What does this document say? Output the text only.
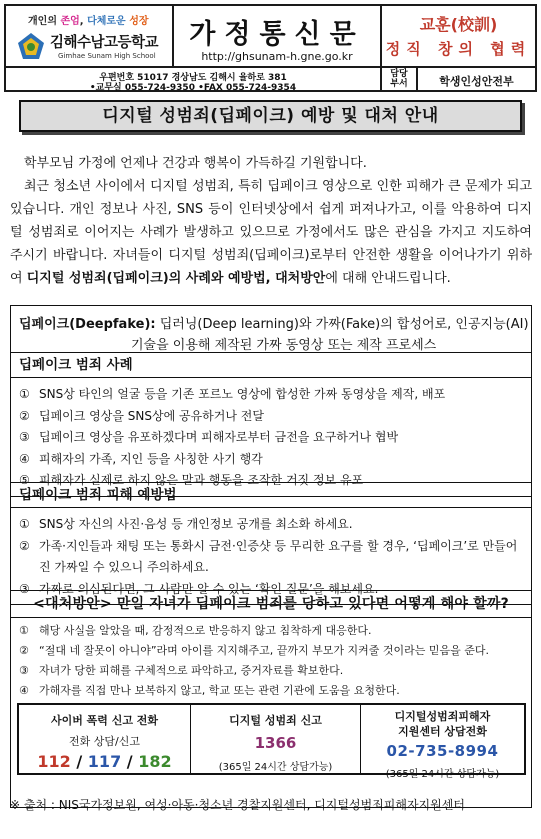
개인의 존엄, 다체로운 성장
김해수남고등학교
Gimhae Sunam High School
가정통신문
http://ghsunam-h.gne.go.kr
교훈(校訓)
정직 창의 협력
우편번호 51017 경상남도 김해시 율하로 381
•교무실 055-724-9350 •FAX 055-724-9354
담당
부서	학생인성안전부
디지털 성범죄(딥페이크) 예방 및 대처 안내

학부모님 가정에 언제나 건강과 행복이 가득하길 기원합니다.

최근 청소년 사이에서 디지털 성범죄, 특히 딥페이크 영상으로 인한 피해가 큰 문제가 되고 있습니다. 개인 정보나 사진, SNS 등이 인터넷상에서 쉽게 퍼져나가고, 이를 악용하여 디지털 성범죄로 이어지는 사례가 발생하고 있으므로 가정에서도 많은 관심을 가지고 지도하여 주시기 바랍니다. 자녀들이 디지털 성범죄(딥페이크)로부터 안전한 생활을 이어나가기 위하여 디지털 성범죄(딥페이크)의 사례와 예방법, 대처방안에 대해 안내드립니다.

딥페이크(Deepfake): 딥러닝(Deep learning)와 가짜(Fake)의 합성어로, 인공지능(AI)
기술을 이용해 제작된 가짜 동영상 또는 제작 프로세스
딥페이크 범죄 사례
① SNS상 타인의 얼굴 등을 기존 포르노 영상에 합성한 가짜 동영상을 제작, 배포
② 딥페이크 영상을 SNS상에 공유하거나 전달
③ 딥페이크 영상을 유포하겠다며 피해자로부터 금전을 요구하거나 협박
④ 피해자의 가족, 지인 등을 사칭한 사기 행각
⑤ 피해자가 실제로 하지 않은 말과 행동을 조작한 거짓 정보 유포
딥페이크 범죄 피해 예방법
① SNS상 자신의 사진·음성 등 개인정보 공개를 최소화 하세요.
② 가족·지인들과 채팅 또는 통화시 금전·인증샷 등 무리한 요구를 할 경우, ‘딥페이크’로 만들어진 가짜일 수 있으니 주의하세요.
③ 가짜로 의심된다면, 그 사람만 알 수 있는 ‘확인 질문’을 해보세요.
<대처방안> 만일 자녀가 딥페이크 범죄를 당하고 있다면 어떻게 해야 할까?
① 해당 사실을 알았을 때, 감정적으로 반응하지 않고 침착하게 대응한다.
② “절대 네 잘못이 아니야”라며 아이를 지지해주고, 끝까지 부모가 지켜줄 것이라는 믿음을 준다.
③ 자녀가 당한 피해를 구체적으로 파악하고, 증거자료를 확보한다.
④ 가해자를 직접 만나 보복하지 않고, 학교 또는 관련 기관에 도움을 요청한다.
사이버 폭력 신고 전화
전화 상담/신고
112 / 117 / 182
디지털 성범죄 신고
1366
(365일 24시간 상담가능)
디지털성범죄피해자
지원센터 상담전화
02-735-8994
(365일 24시간 상담가능)
※ 출처 : NIS국가정보원, 여성·아동·청소년 경찰지원센터, 디지털성범죄피해자지원센터
